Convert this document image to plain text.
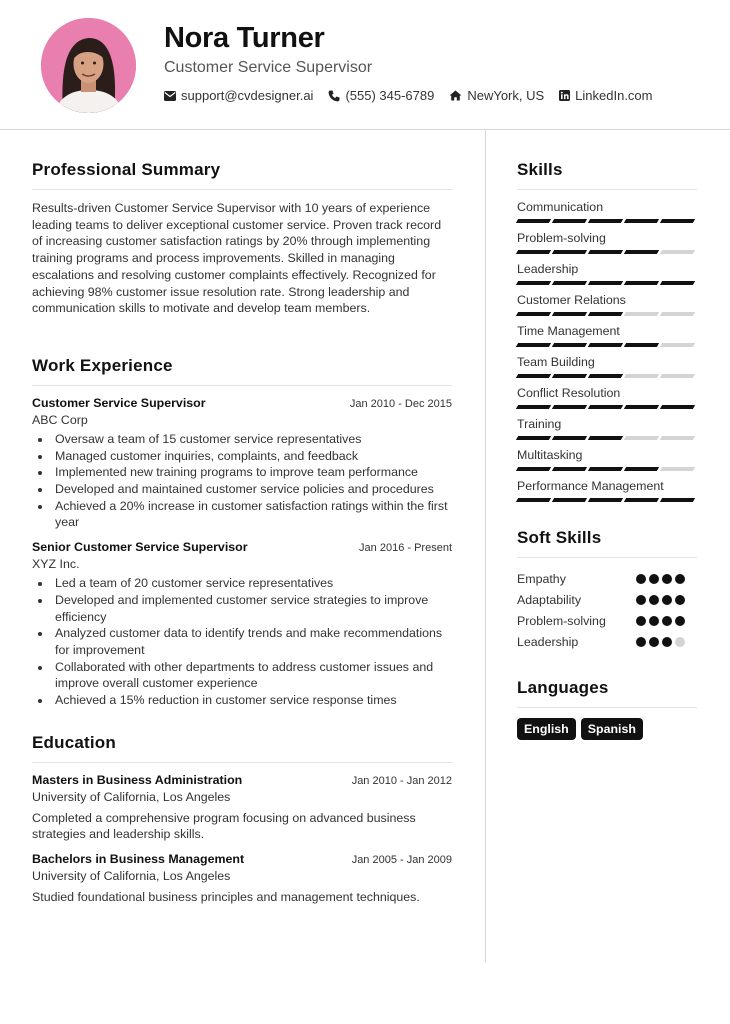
Nora Turner
Customer Service Supervisor
support@cvdesigner.ai (555) 345-6789	NewYork, US LinkedIn.com
Professional Summary

Results-driven Customer Service Supervisor with 10 years of experience leading teams to deliver exceptional customer service. Proven track record of increasing customer satisfaction ratings by 20% through implementing training programs and process improvements. Skilled in managing escalations and resolving customer complaints effectively. Recognized for achieving 98% customer issue resolution rate. Strong leadership and communication skills to motivate and develop team members.

Work Experience
Customer Service Supervisor	Jan 2010 - Dec 2015
ABC Corp
Oversaw a team of 15 customer service representatives
Managed customer inquiries, complaints, and feedback
Implemented new training programs to improve team performance
Developed and maintained customer service policies and procedures
Achieved a 20% increase in customer satisfaction ratings within the first year
Senior Customer Service Supervisor	Jan 2016 - Present
XYZ Inc.
Led a team of 20 customer service representatives
Developed and implemented customer service strategies to improve efficiency
Analyzed customer data to identify trends and make recommendations for improvement
Collaborated with other departments to address customer issues and improve overall customer experience
Achieved a 15% reduction in customer service response times
Education
Masters in Business Administration	Jan 2010 - Jan 2012
University of California, Los Angeles

Completed a comprehensive program focusing on advanced business strategies and leadership skills.

Bachelors in Business Management	Jan 2005 - Jan 2009
University of California, Los Angeles

Studied foundational business principles and management techniques.

Skills
Communication
Problem-solving
Leadership
Customer Relations
Time Management
Team Building
Conflict Resolution
Training
Multitasking
Performance Management
Soft Skills
Empathy
Adaptability
Problem-solving
Leadership
Languages
English	Spanish
